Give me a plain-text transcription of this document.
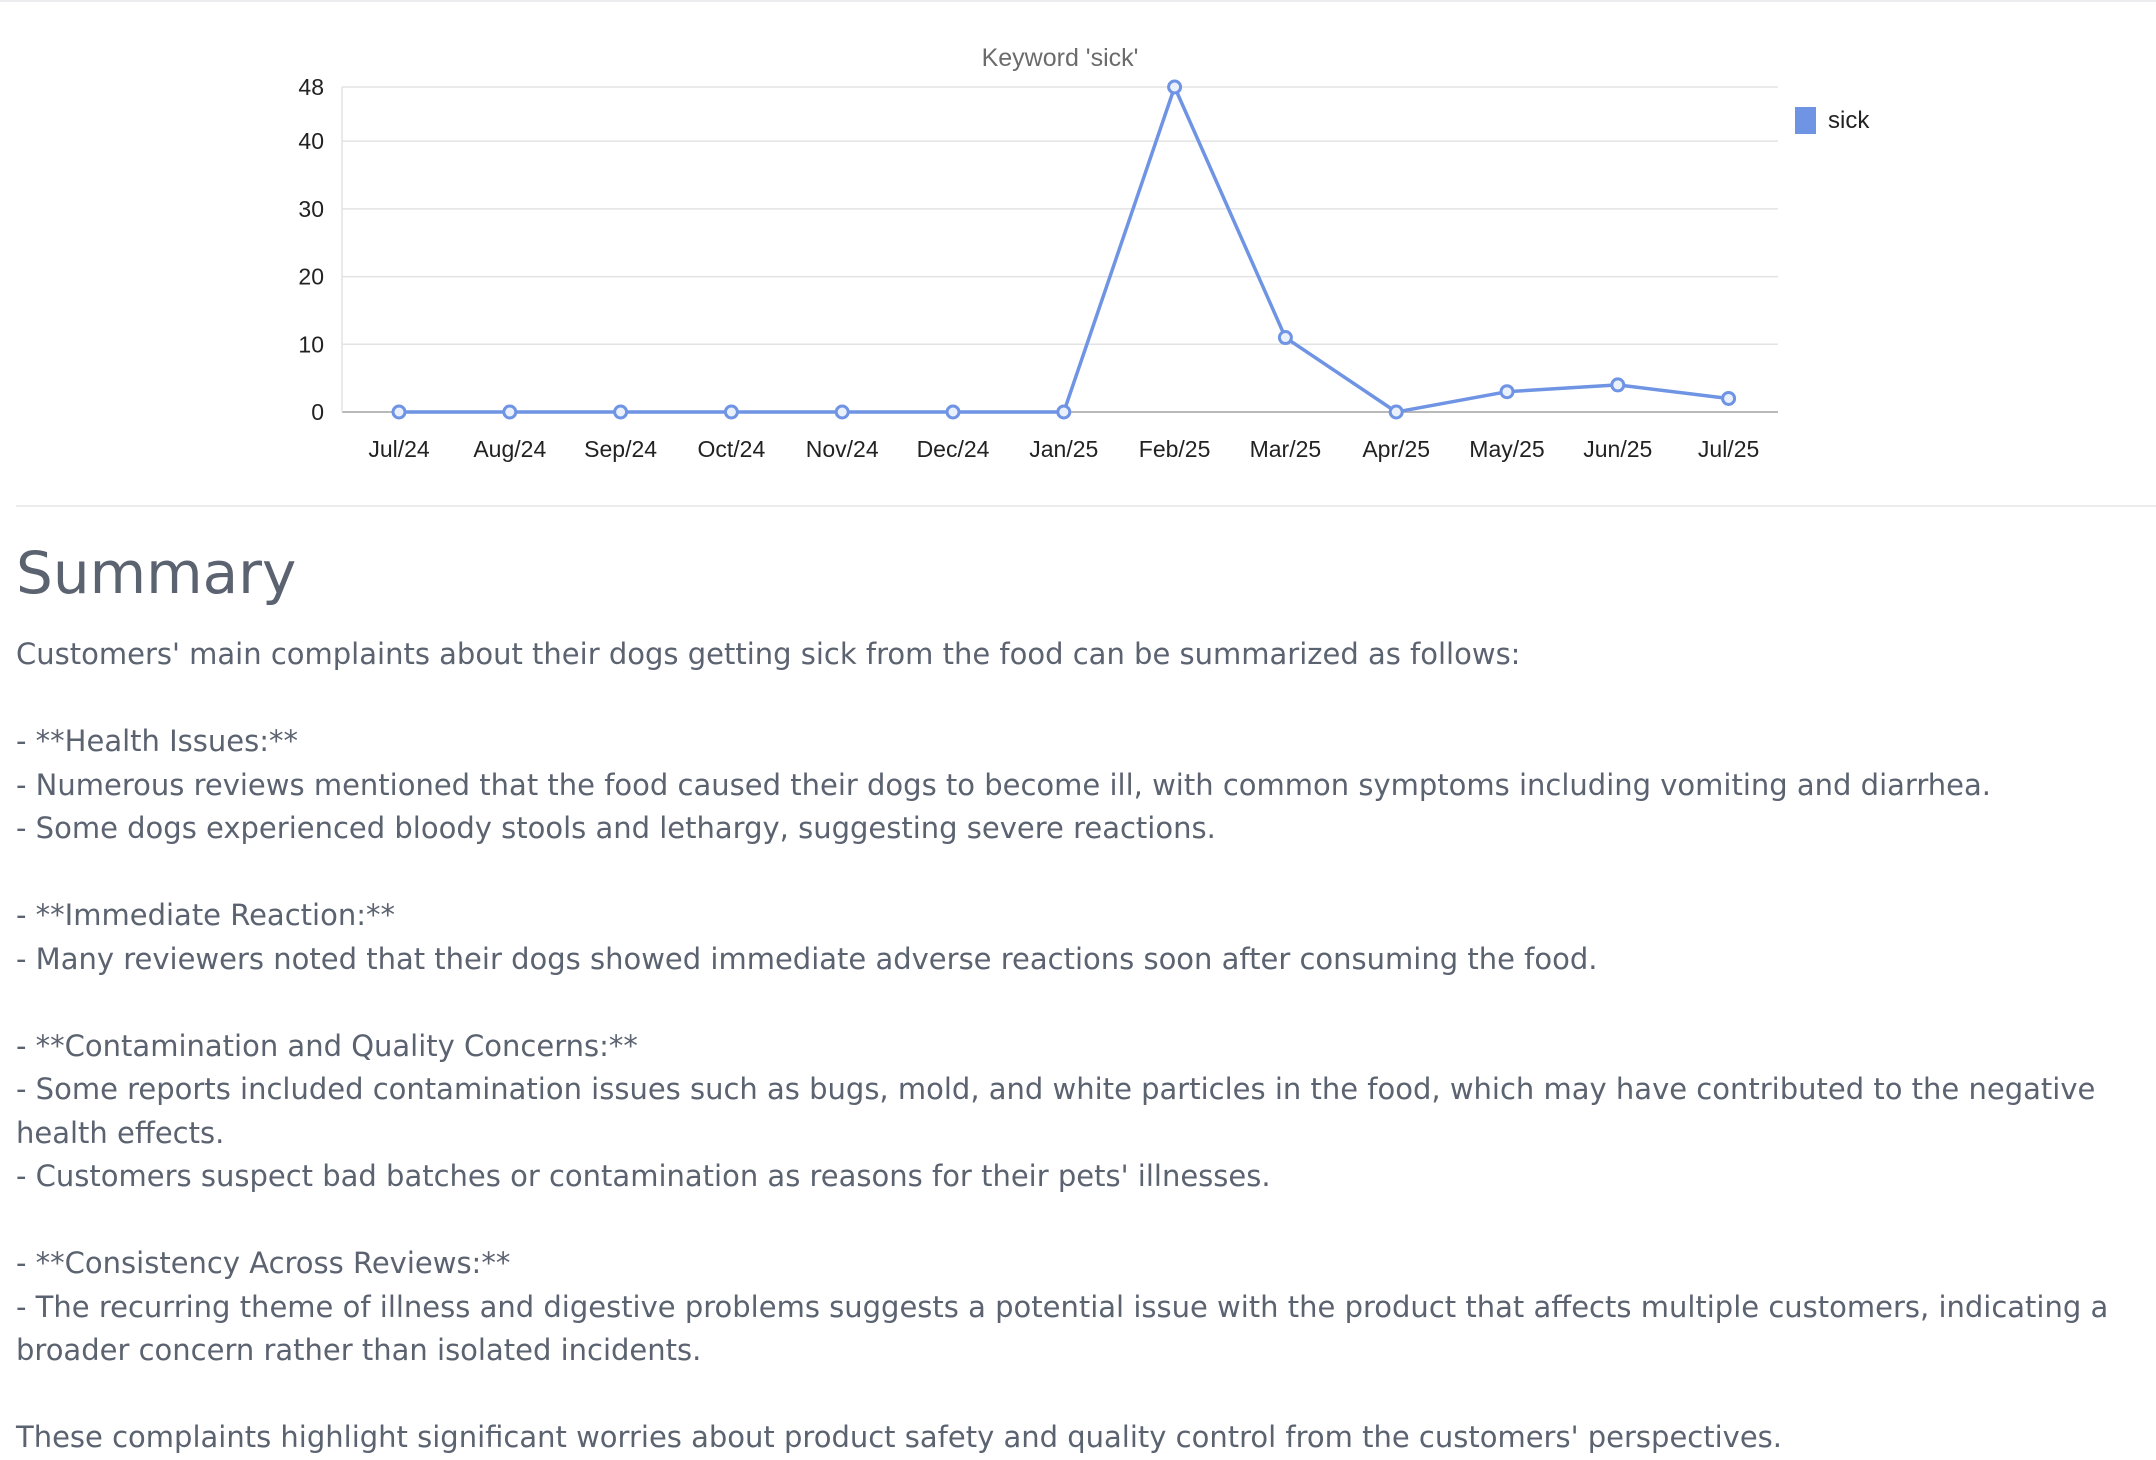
Keyword 'sick'
0
10
20
30
40
48
Jul/24 Aug/24 Sep/24 Oct/24 Nov/24 Dec/24 Jan/25 Feb/25 Mar/25 Apr/25 May/25 Jun/25 Jul/25
sick
Summary

Customers' main complaints about their dogs getting sick from the food can be summarized as follows:

- **Health Issues:**

- Numerous reviews mentioned that the food caused their dogs to become ill, with common symptoms including vomiting and diarrhea.

- Some dogs experienced bloody stools and lethargy, suggesting severe reactions.

- **Immediate Reaction:**

- Many reviewers noted that their dogs showed immediate adverse reactions soon after consuming the food.

- **Contamination and Quality Concerns:**

- Some reports included contamination issues such as bugs, mold, and white particles in the food, which may have contributed to the negative health effects.

- Customers suspect bad batches or contamination as reasons for their pets' illnesses.

- **Consistency Across Reviews:**

- The recurring theme of illness and digestive problems suggests a potential issue with the product that affects multiple customers, indicating a broader concern rather than isolated incidents.

These complaints highlight significant worries about product safety and quality control from the customers' perspectives.
